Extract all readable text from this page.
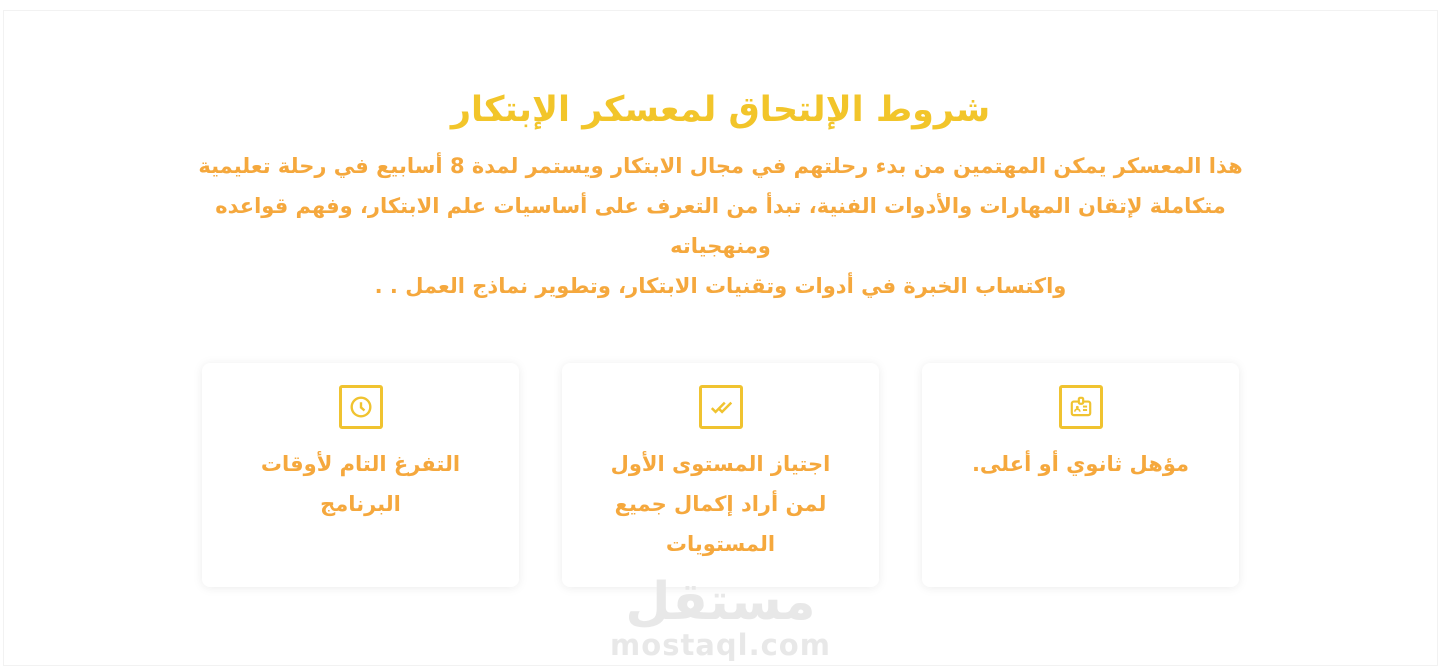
شروط الإلتحاق لمعسكر الإبتكار
هذا المعسكر يمكن المهتمين من بدء رحلتهم في مجال الابتكار ويستمر لمدة 8 أسابيع في رحلة تعليمية
متكاملة لإتقان المهارات والأدوات الفنية، تبدأ من التعرف على أساسيات علم الابتكار، وفهم قواعده ومنهجياته
واكتساب الخبرة في أدوات وتقنيات الابتكار، وتطوير نماذج العمل . .
مؤهل ثانوي أو أعلى.
اجتياز المستوى الأول
لمن أراد إكمال جميع
المستويات
التفرغ التام لأوقات
البرنامج
مستقل
mostaql.com
